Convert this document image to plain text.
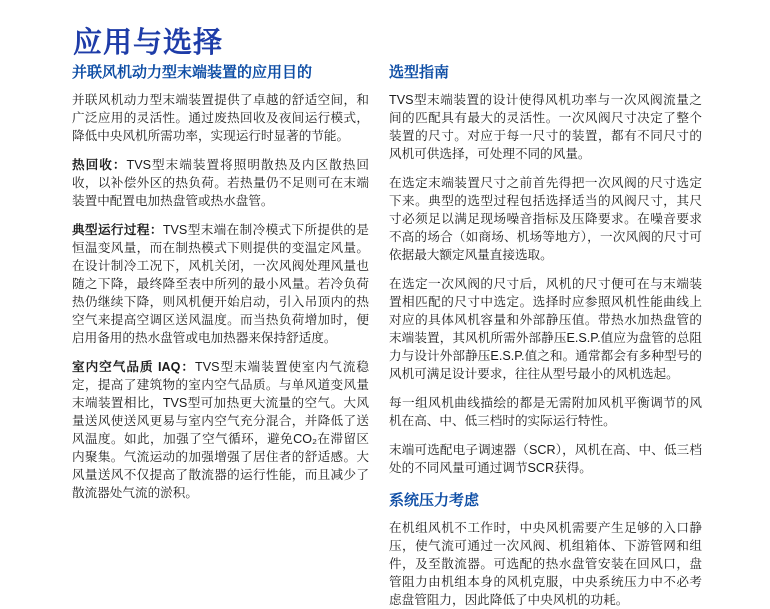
应用与选择
并联风机动力型末端装置的应用目的

并联风机动力型末端装置提供了卓越的舒适空间，和广泛应用的灵活性。通过废热回收及夜间运行模式，降低中央风机所需功率，实现运行时显著的节能。

热回收：TVS型末端装置将照明散热及内区散热回收，以补偿外区的热负荷。若热量仍不足则可在末端装置中配置电加热盘管或热水盘管。

典型运行过程：TVS型末端在制冷模式下所提供的是恒温变风量，而在制热模式下则提供的变温定风量。在设计制冷工况下，风机关闭，一次风阀处理风量也随之下降，最终降至表中所列的最小风量。若冷负荷热仍继续下降，则风机便开始启动，引入吊顶内的热空气来提高空调区送风温度。而当热负荷增加时，便启用备用的热水盘管或电加热器来保持舒适度。

室内空气品质 IAQ：TVS型末端装置使室内气流稳定，提高了建筑物的室内空气品质。与单风道变风量末端装置相比，TVS型可加热更大流量的空气。大风量送风使送风更易与室内空气充分混合，并降低了送风温度。如此，加强了空气循环，避免CO₂在滞留区内聚集。气流运动的加强增强了居住者的舒适感。大风量送风不仅提高了散流器的运行性能，而且减少了散流器处气流的淤积。

选型指南

TVS型末端装置的设计使得风机功率与一次风阀流量之间的匹配具有最大的灵活性。一次风阀尺寸决定了整个装置的尺寸。对应于每一尺寸的装置，都有不同尺寸的风机可供选择，可处理不同的风量。

在选定末端装置尺寸之前首先得把一次风阀的尺寸选定下来。典型的选型过程包括选择适当的风阀尺寸，其尺寸必须足以满足现场噪音指标及压降要求。在噪音要求不高的场合（如商场、机场等地方），一次风阀的尺寸可依据最大额定风量直接选取。

在选定一次风阀的尺寸后，风机的尺寸便可在与末端装置相匹配的尺寸中选定。选择时应参照风机性能曲线上对应的具体风机容量和外部静压值。带热水加热盘管的末端装置，其风机所需外部静压E.S.P.值应为盘管的总阻力与设计外部静压E.S.P.值之和。通常都会有多种型号的风机可满足设计要求，往往从型号最小的风机选起。

每一组风机曲线描绘的都是无需附加风机平衡调节的风机在高、中、低三档时的实际运行特性。

末端可选配电子调速器（SCR），风机在高、中、低三档处的不同风量可通过调节SCR获得。

系统压力考虑

在机组风机不工作时，中央风机需要产生足够的入口静压，使气流可通过一次风阀、机组箱体、下游管网和组件，及至散流器。可选配的热水盘管安装在回风口，盘管阻力由机组本身的风机克服，中央系统压力中不必考虑盘管阻力，因此降低了中央风机的功耗。
